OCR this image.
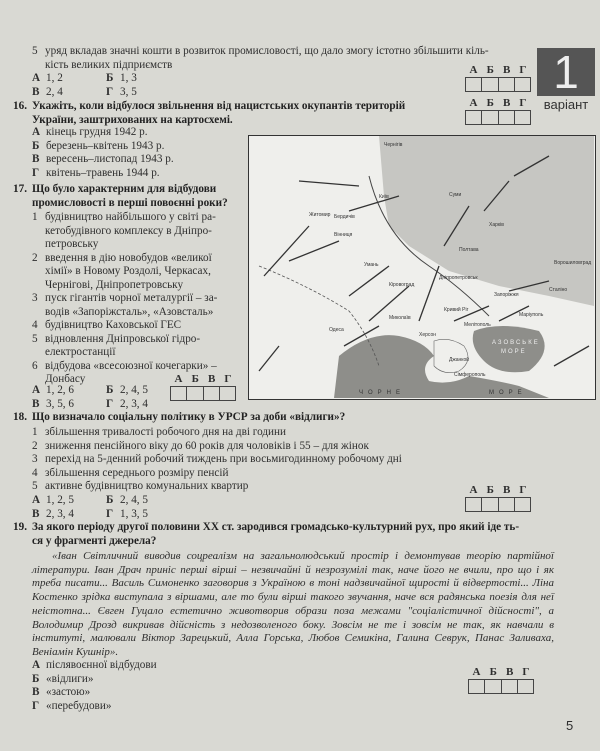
5 уряд вкладав значні кошти в розвиток промисловості, що дало змогу істотно збільшити кіль-
кість великих підприємств
А 1, 2	Б 1, 3
В 2, 4	Г 3, 5	1
варіант
А Б В Г
А Б В Г
А Б В Г
А Б В Г
А Б В Г
16. Укажіть, коли відбулося звільнення від нацистських окупантів територій
України, заштрихованих на картосхемі.
А кінець грудня 1942 р.
Б березень–квітень 1943 р.
В вересень–листопад 1943 р.
Г квітень–травень 1944 р.
Київ
Харків
Полтава
Кіровоград
Кривий Ріг
Запоріжжя
Миколаїв
Херсон
Одеса
Житомир
Вінниця
Чернігів
Суми
Сталіно
Маріуполь
Мелітополь
Джанкой
Сімферополь
Умань
Бердичів
Ворошиловград
Дніпропетровськ
АЗОВСЬКЕ
МОРЕ
ЧОРНЕ	МОРЕ
17. Що було характерним для відбудови
промисловості в перші повоєнні роки?
1 будівництво найбільшого у світі ра-
кетобудівного комплексу в Дніпро-
петровську
2 введення в дію новобудов «великої
хімії» в Новому Роздолі, Черкасах,
Чернігові, Дніпропетровську
3 пуск гігантів чорної металургії – за-
водів «Запоріжсталь», «Азовсталь»
4 будівництво Каховської ГЕС
5 відновлення Дніпровської гідро-
електростанції
6 відбудова «всесоюзної кочегарки» –
Донбасу
А 1, 2, 6	Б 2, 4, 5
В 3, 5, 6	Г 2, 3, 4
18. Що визначало соціальну політику в УРСР за доби «відлиги»?
1 збільшення тривалості робочого дня на дві години
2 зниження пенсійного віку до 60 років для чоловіків і 55 – для жінок
3 перехід на 5-денний робочий тиждень при восьмигодинному робочому дні
4 збільшення середнього розміру пенсій
5 активне будівництво комунальних квартир
А 1, 2, 5	Б 2, 4, 5
В 2, 3, 4	Г 1, 3, 5
19. За якого періоду другої половини XX ст. зародився громадсько-культурний рух, про який іде ть-
ся у фрагменті джерела?
«Іван Світличний виводив соцреалізм на загальнолюдський простір і демонтував теорію партійної літератури. Іван Драч приніс перші вірші – незвичайні й незрозумілі так, наче його не вчили, про що і як треба писати... Василь Симоненко заговорив з Україною в тоні надзвичайної щирості й відвертості... Ліна Костенко зрідка виступала з віршами, але то були вірші такого звучання, наче вся радянська поезія для неї неістотна... Євген Гуцало естетично животворив образи поза межами "соціалістичної дійсності", а Володимир Дрозд викривав дійсність з недозволеного боку. Зовсім не те і зовсім не так, як навчали в інституті, малювали Віктор Зарецький, Алла Горська, Любов Семикіна, Галина Севрук, Панас Заливаха, Веніамін Кушнір».
А післявоєнної відбудови
Б «відлиги»
В «застою»
Г «перебудови»
5
